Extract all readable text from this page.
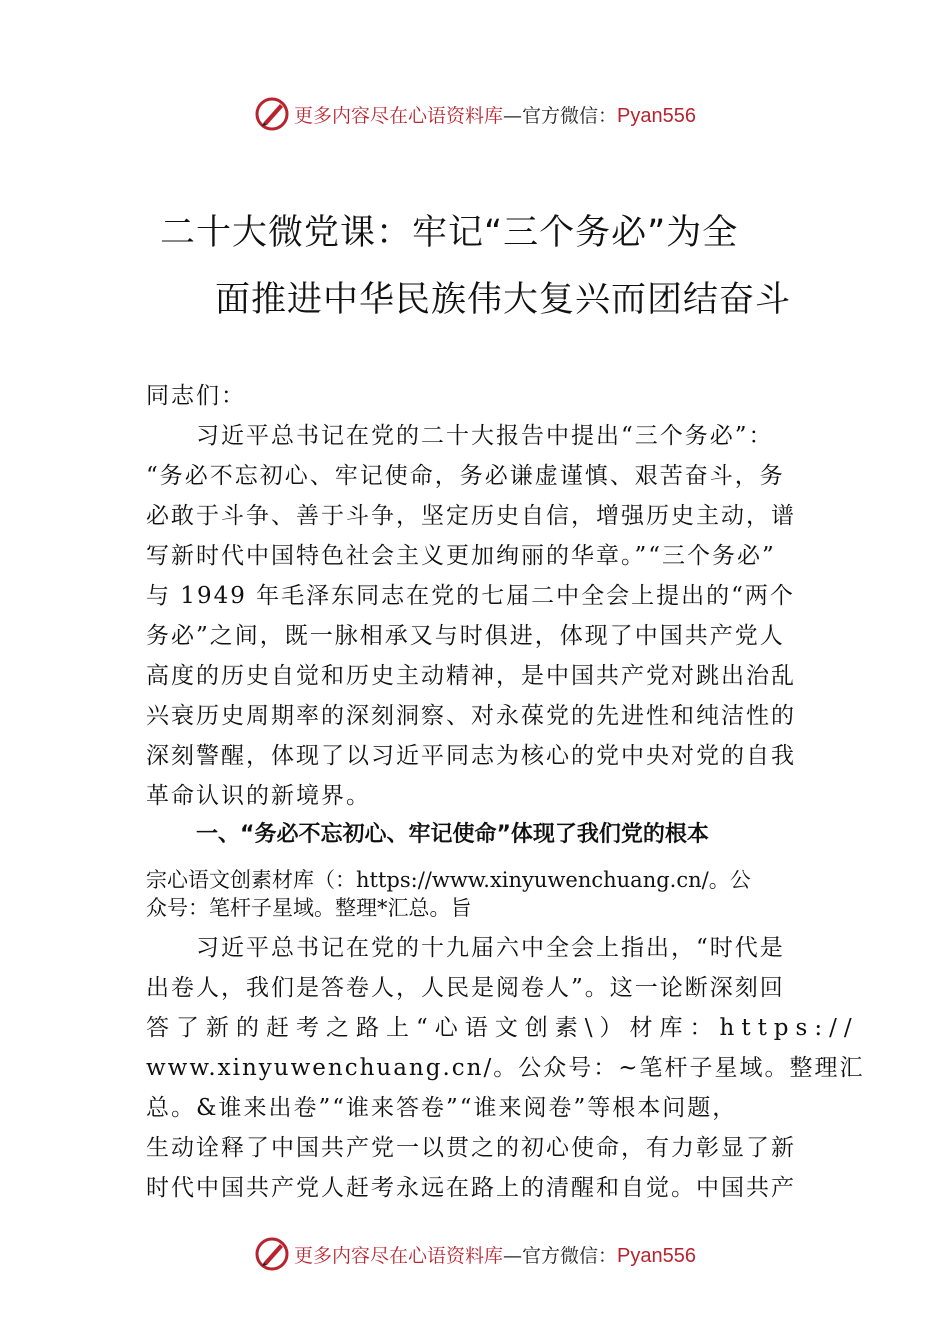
更多内容尽在心语资料库—官方微信：Pyan556
二十大微党课：牢记“三个务必”为全
面推进中华民族伟大复兴而团结奋斗
同志们：
　　习近平总书记在党的二十大报告中提出“三个务必”：
“务必不忘初心、牢记使命，务必谦虚谨慎、艰苦奋斗，务
必敢于斗争、善于斗争，坚定历史自信，增强历史主动，谱
写新时代中国特色社会主义更加绚丽的华章。”“三个务必”
与 1949 年毛泽东同志在党的七届二中全会上提出的“两个
务必”之间，既一脉相承又与时俱进，体现了中国共产党人
高度的历史自觉和历史主动精神，是中国共产党对跳出治乱
兴衰历史周期率的深刻洞察、对永葆党的先进性和纯洁性的
深刻警醒，体现了以习近平同志为核心的党中央对党的自我
革命认识的新境界。
一、“务必不忘初心、牢记使命”体现了我们党的根本
宗心语文创素材库（：https://www.xinyuwenchuang.cn/。公
众号：笔杆子星域。整理*汇总。旨
　　习近平总书记在党的十九届六中全会上指出，“时代是
出卷人，我们是答卷人，人民是阅卷人”。这一论断深刻回
答了新的赶考之路上“心语文创素\）材库：https://
www.xinyuwenchuang.cn/。公众号：~笔杆子星域。整理汇
总。&谁来出卷”“谁来答卷”“谁来阅卷”等根本问题，
生动诠释了中国共产党一以贯之的初心使命，有力彰显了新
时代中国共产党人赶考永远在路上的清醒和自觉。中国共产
更多内容尽在心语资料库—官方微信：Pyan556
